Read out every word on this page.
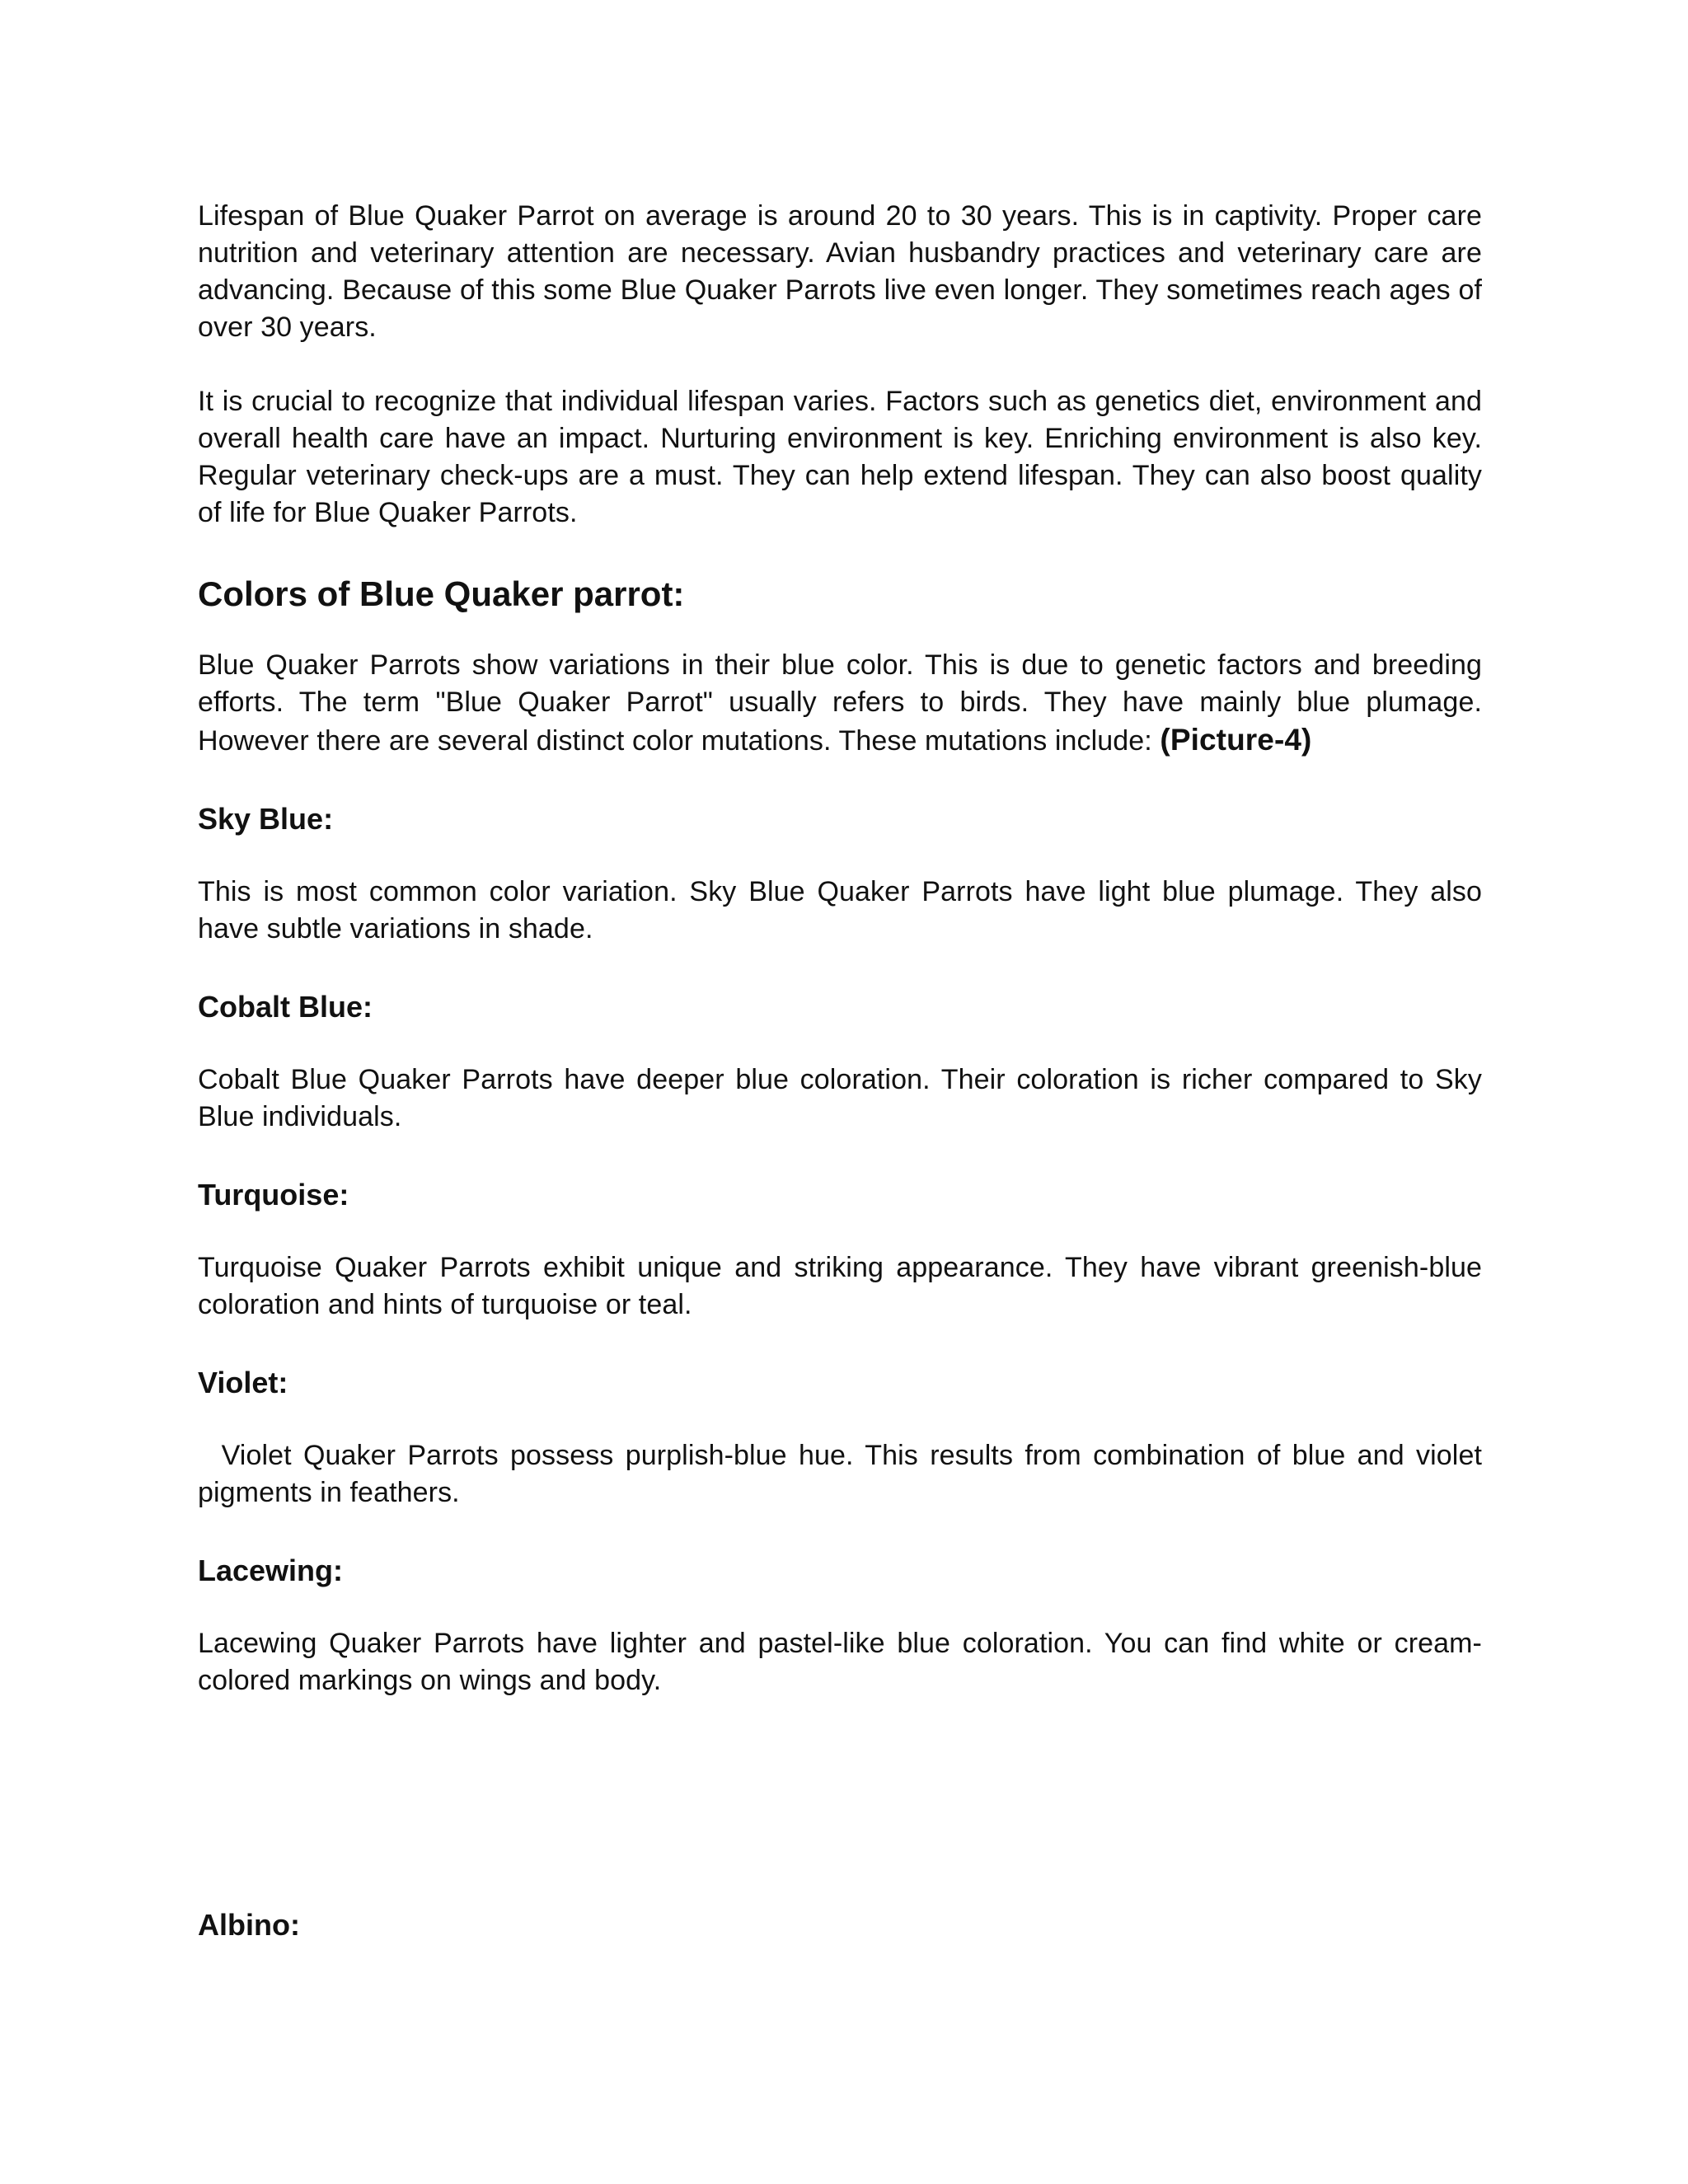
Lifespan of Blue Quaker Parrot on average is around 20 to 30 years. This is in captivity. Proper care nutrition and veterinary attention are necessary. Avian husbandry practices and veterinary care are advancing. Because of this some Blue Quaker Parrots live even longer. They sometimes reach ages of over 30 years.

It is crucial to recognize that individual lifespan varies. Factors such as genetics diet, environment and overall health care have an impact. Nurturing environment is key. Enriching environment is also key. Regular veterinary check-ups are a must. They can help extend lifespan. They can also boost quality of life for Blue Quaker Parrots.

Colors of Blue Quaker parrot:

Blue Quaker Parrots show variations in their blue color. This is due to genetic factors and breeding efforts. The term "Blue Quaker Parrot" usually refers to birds. They have mainly blue plumage. However there are several distinct color mutations. These mutations include: (Picture-4)

Sky Blue:

This is most common color variation. Sky Blue Quaker Parrots have light blue plumage. They also have subtle variations in shade.

Cobalt Blue:

Cobalt Blue Quaker Parrots have deeper blue coloration. Their coloration is richer compared to Sky Blue individuals.

Turquoise:

Turquoise Quaker Parrots exhibit unique and striking appearance. They have vibrant greenish-blue coloration and hints of turquoise or teal.

Violet:

Violet Quaker Parrots possess purplish-blue hue. This results from combination of blue and violet pigments in feathers.

Lacewing:

Lacewing Quaker Parrots have lighter and pastel-like blue coloration. You can find white or cream-colored markings on wings and body.

Albino:
